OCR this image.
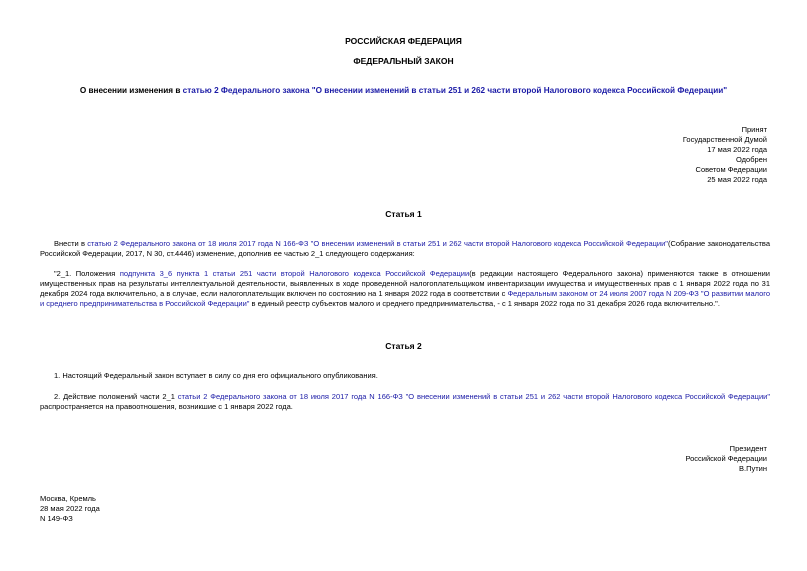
РОССИЙСКАЯ ФЕДЕРАЦИЯ
ФЕДЕРАЛЬНЫЙ ЗАКОН
О внесении изменения в статью 2 Федерального закона "О внесении изменений в статьи 251 и 262 части второй Налогового кодекса Российской Федерации"
Принят
Государственной Думой
17 мая 2022 года
Одобрен
Советом Федерации
25 мая 2022 года
Статья 1
Внести в статью 2 Федерального закона от 18 июля 2017 года N 166-ФЗ "О внесении изменений в статьи 251 и 262 части второй Налогового кодекса Российской Федерации"(Собрание законодательства Российской Федерации, 2017, N 30, ст.4446) изменение, дополнив ее частью 2_1 следующего содержания:
"2_1. Положения подпункта 3_6 пункта 1 статьи 251 части второй Налогового кодекса Российской Федерации(в редакции настоящего Федерального закона) применяются также в отношении имущественных прав на результаты интеллектуальной деятельности, выявленных в ходе проведенной налогоплательщиком инвентаризации имущества и имущественных прав с 1 января 2022 года по 31 декабря 2024 года включительно, а в случае, если налогоплательщик включен по состоянию на 1 января 2022 года в соответствии с Федеральным законом от 24 июля 2007 года N 209-ФЗ "О развитии малого и среднего предпринимательства в Российской Федерации" в единый реестр субъектов малого и среднего предпринимательства, - с 1 января 2022 года по 31 декабря 2026 года включительно.".
Статья 2
1. Настоящий Федеральный закон вступает в силу со дня его официального опубликования.
2. Действие положений части 2_1 статьи 2 Федерального закона от 18 июля 2017 года N 166-ФЗ "О внесении изменений в статьи 251 и 262 части второй Налогового кодекса Российской Федерации" распространяется на правоотношения, возникшие с 1 января 2022 года.
Президент
Российской Федерации
В.Путин
Москва, Кремль
28 мая 2022 года
N 149-ФЗ
